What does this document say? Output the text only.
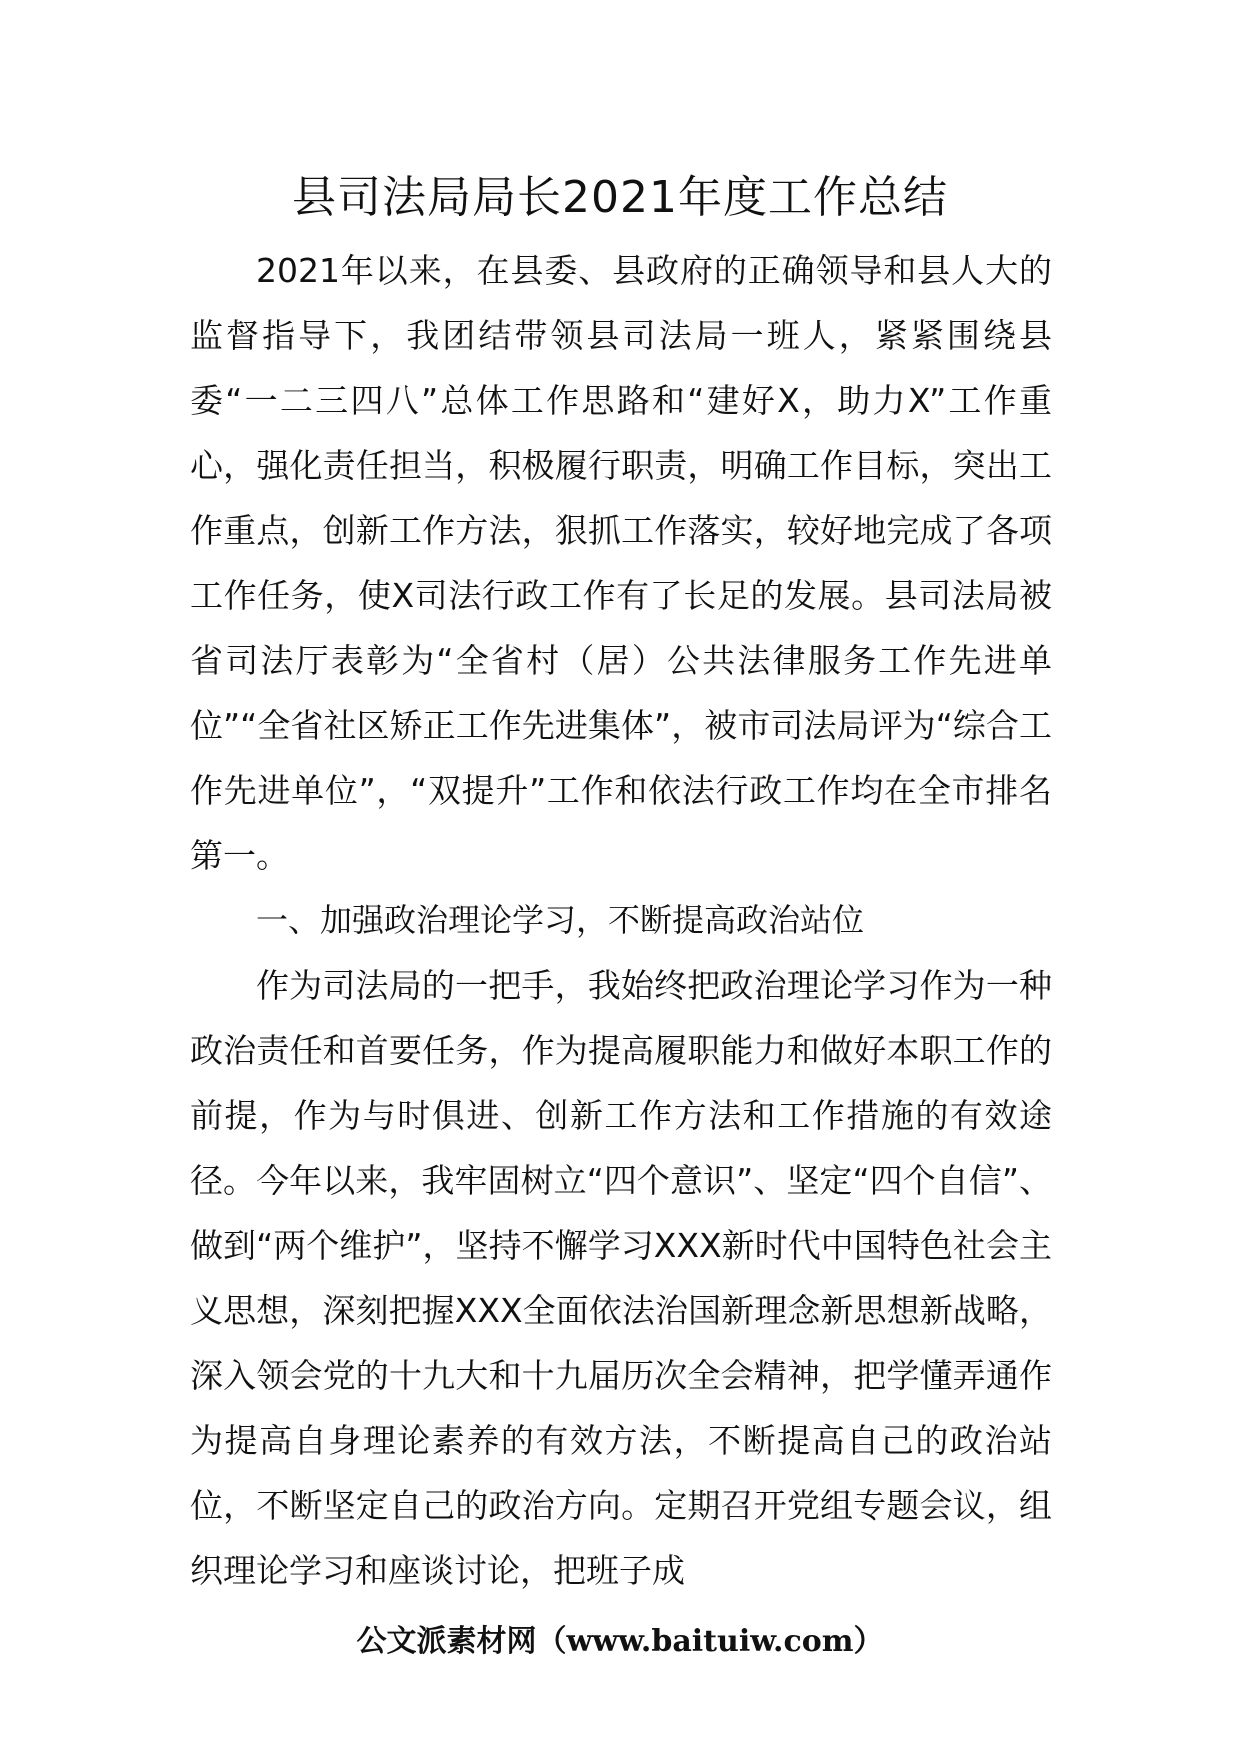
县司法局局长2021年度工作总结

2021年以来，在县委、县政府的正确领导和县人大的监督指导下，我团结带领县司法局一班人，紧紧围绕县委“一二三四八”总体工作思路和“建好X，助力X”工作重心，强化责任担当，积极履行职责，明确工作目标，突出工作重点，创新工作方法，狠抓工作落实，较好地完成了各项工作任务，使X司法行政工作有了长足的发展。县司法局被省司法厅表彰为“全省村（居）公共法律服务工作先进单位”“全省社区矫正工作先进集体”，被市司法局评为“综合工作先进单位”，“双提升”工作和依法行政工作均在全市排名第一。

一、加强政治理论学习，不断提高政治站位

作为司法局的一把手，我始终把政治理论学习作为一种政治责任和首要任务，作为提高履职能力和做好本职工作的前提，作为与时俱进、创新工作方法和工作措施的有效途径。今年以来，我牢固树立“四个意识”、坚定“四个自信”、做到“两个维护”，坚持不懈学习XXX新时代中国特色社会主义思想，深刻把握XXX全面依法治国新理念新思想新战略，深入领会党的十九大和十九届历次全会精神，把学懂弄通作为提高自身理论素养的有效方法，不断提高自己的政治站位，不断坚定自己的政治方向。定期召开党组专题会议，组织理论学习和座谈讨论，把班子成

公文派素材网（www.baituiw.com）
